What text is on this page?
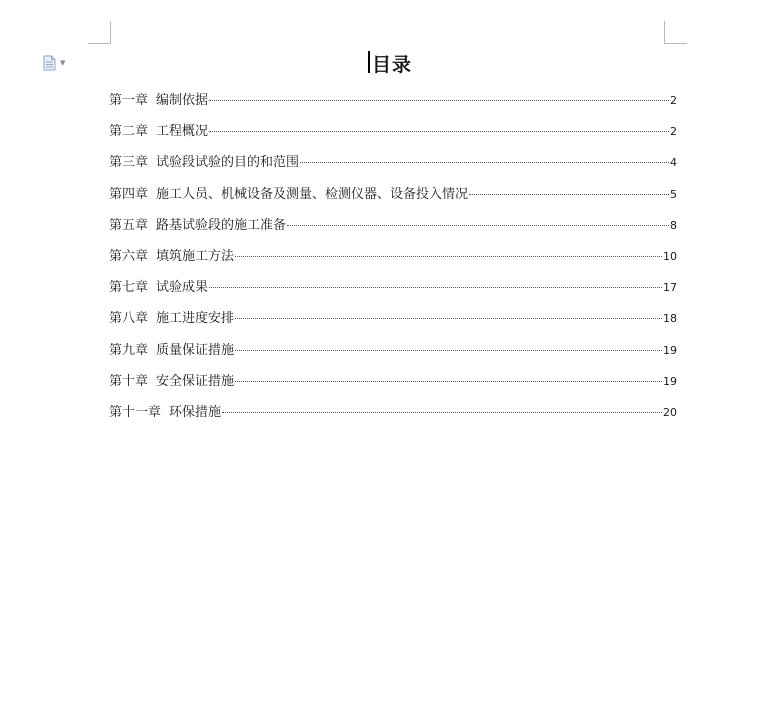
▼	目录
第一章 编制依据	2
第二章 工程概况	2
第三章 试验段试验的目的和范围	4
第四章 施工人员、机械设备及测量、检测仪器、设备投入情况	5
第五章 路基试验段的施工准备	8
第六章 填筑施工方法	10
第七章 试验成果	17
第八章 施工进度安排	18
第九章 质量保证措施	19
第十章 安全保证措施	19
第十一章 环保措施	20
